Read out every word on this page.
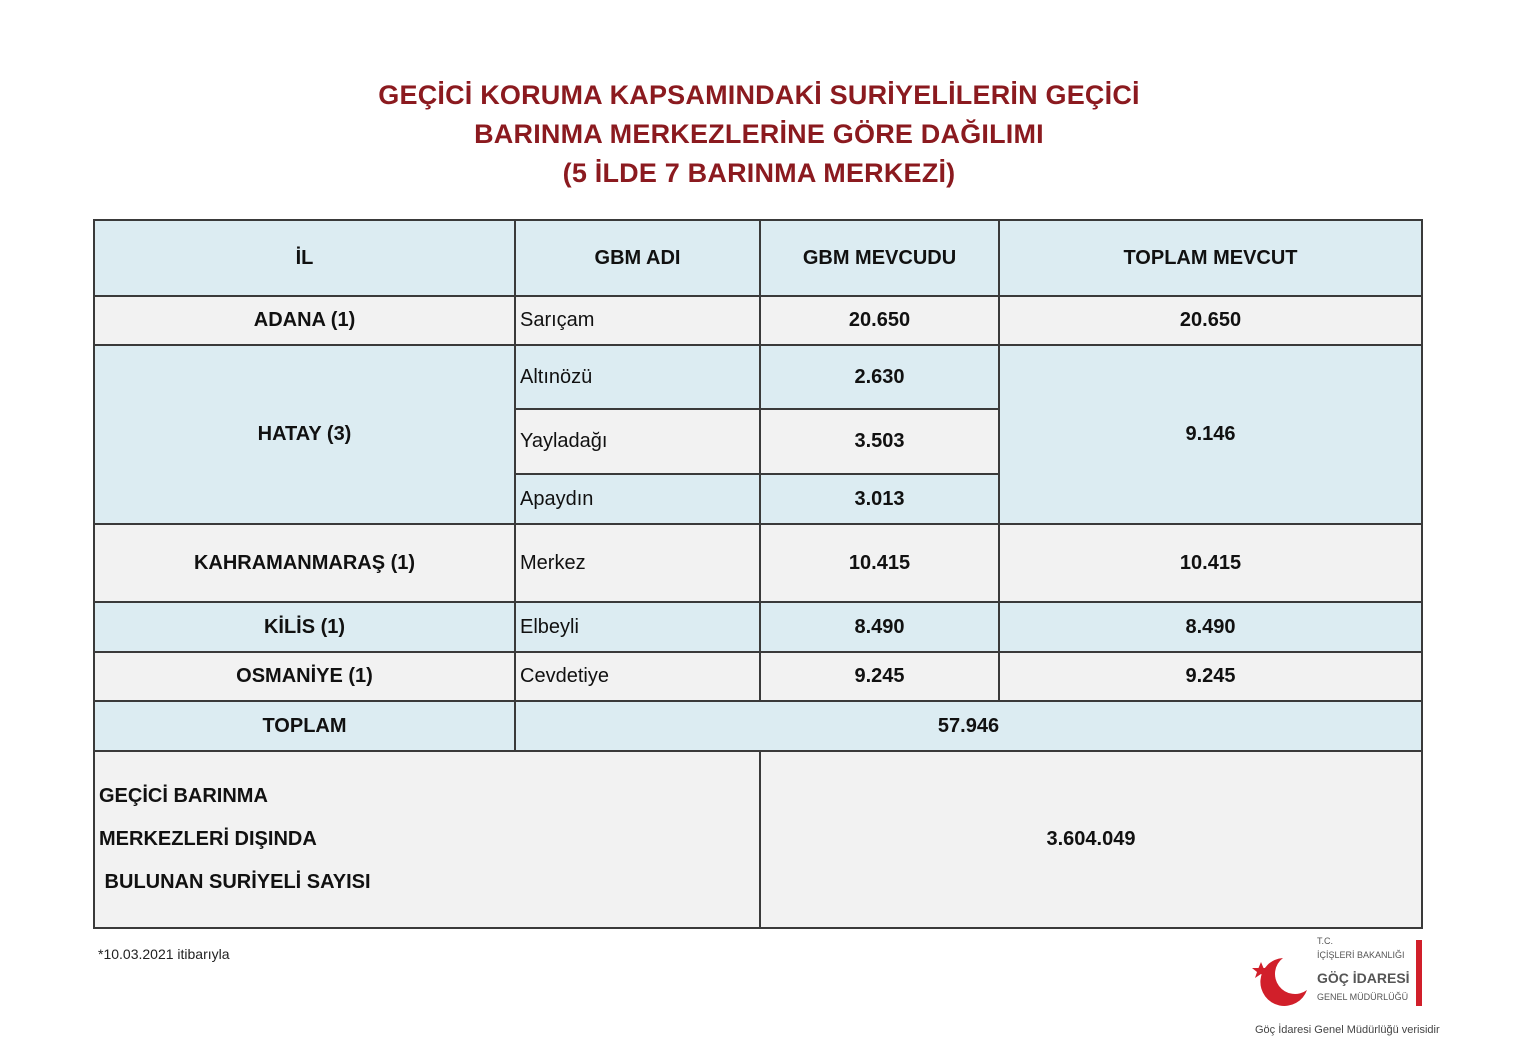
GEÇİCİ KORUMA KAPSAMINDAKİ SURİYELİLERİN GEÇİCİ
BARINMA MERKEZLERİNE GÖRE DAĞILIMI
(5 İLDE 7 BARINMA MERKEZİ)
İL	GBM ADI	GBM MEVCUDU	TOPLAM MEVCUT
ADANA (1)	Sarıçam	20.650	20.650
HATAY (3)	Altınözü	2.630	9.146
	Yayladağı	3.503	
	Apaydın	3.013	
KAHRAMANMARAŞ (1)	Merkez	10.415	10.415
KİLİS (1)	Elbeyli	8.490	8.490
OSMANİYE (1)	Cevdetiye	9.245	9.245
TOPLAM	57.946		

GEÇİCİ BARINMA
MERKEZLERİ DIŞINDA
BULUNAN SURİYELİ SAYISI		3.604.049	
*10.03.2021 itibarıyla
T.C.
İÇİŞLERİ BAKANLIĞI
GÖÇ İDARESİ
GENEL MÜDÜRLÜĞÜ
Göç İdaresi Genel Müdürlüğü verisidir
